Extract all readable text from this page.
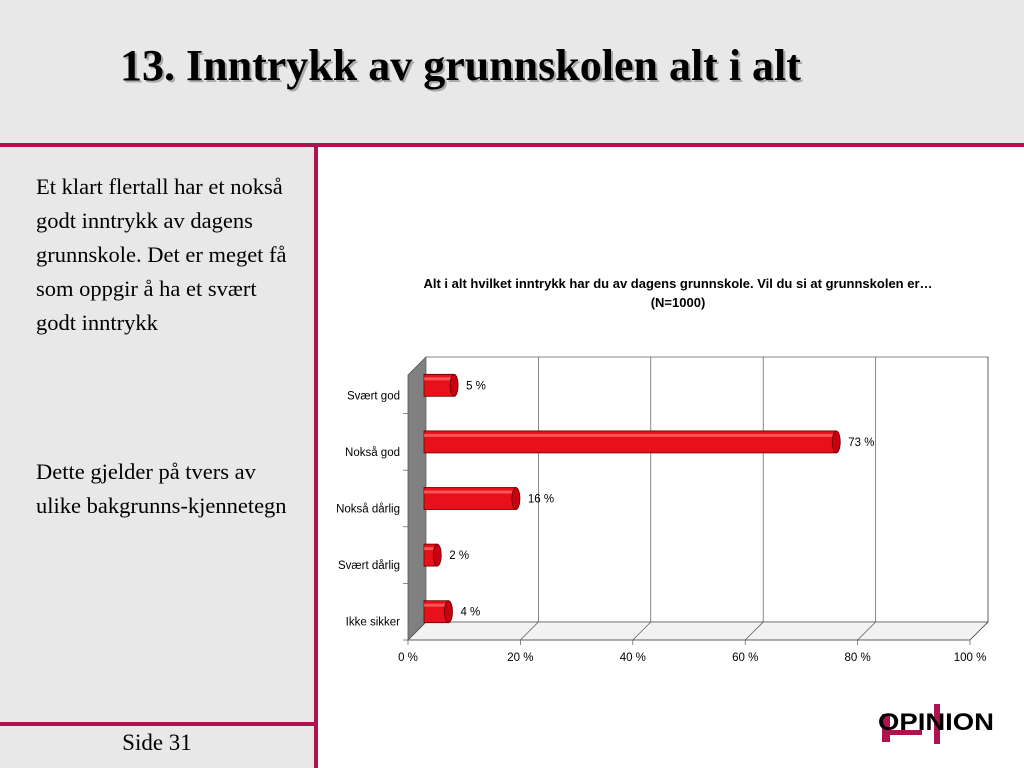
13. Inntrykk av grunnskolen alt i alt
Et klart flertall har et nokså godt inntrykk av dagens grunnskole. Det er meget få som oppgir å ha et svært godt inntrykk
Dette gjelder på tvers av ulike bakgrunns-kjennetegn
Side 31
0 %	20 %	40 %	60 %	80 %	100 %
Svært god
5 %
Nokså god
73 %
Nokså dårlig
16 %
Svært dårlig
2 %
Ikke sikker
4 %
Alt i alt hvilket inntrykk har du av dagens grunnskole. Vil du si at grunnskolen er… (N=1000)
OPINION
